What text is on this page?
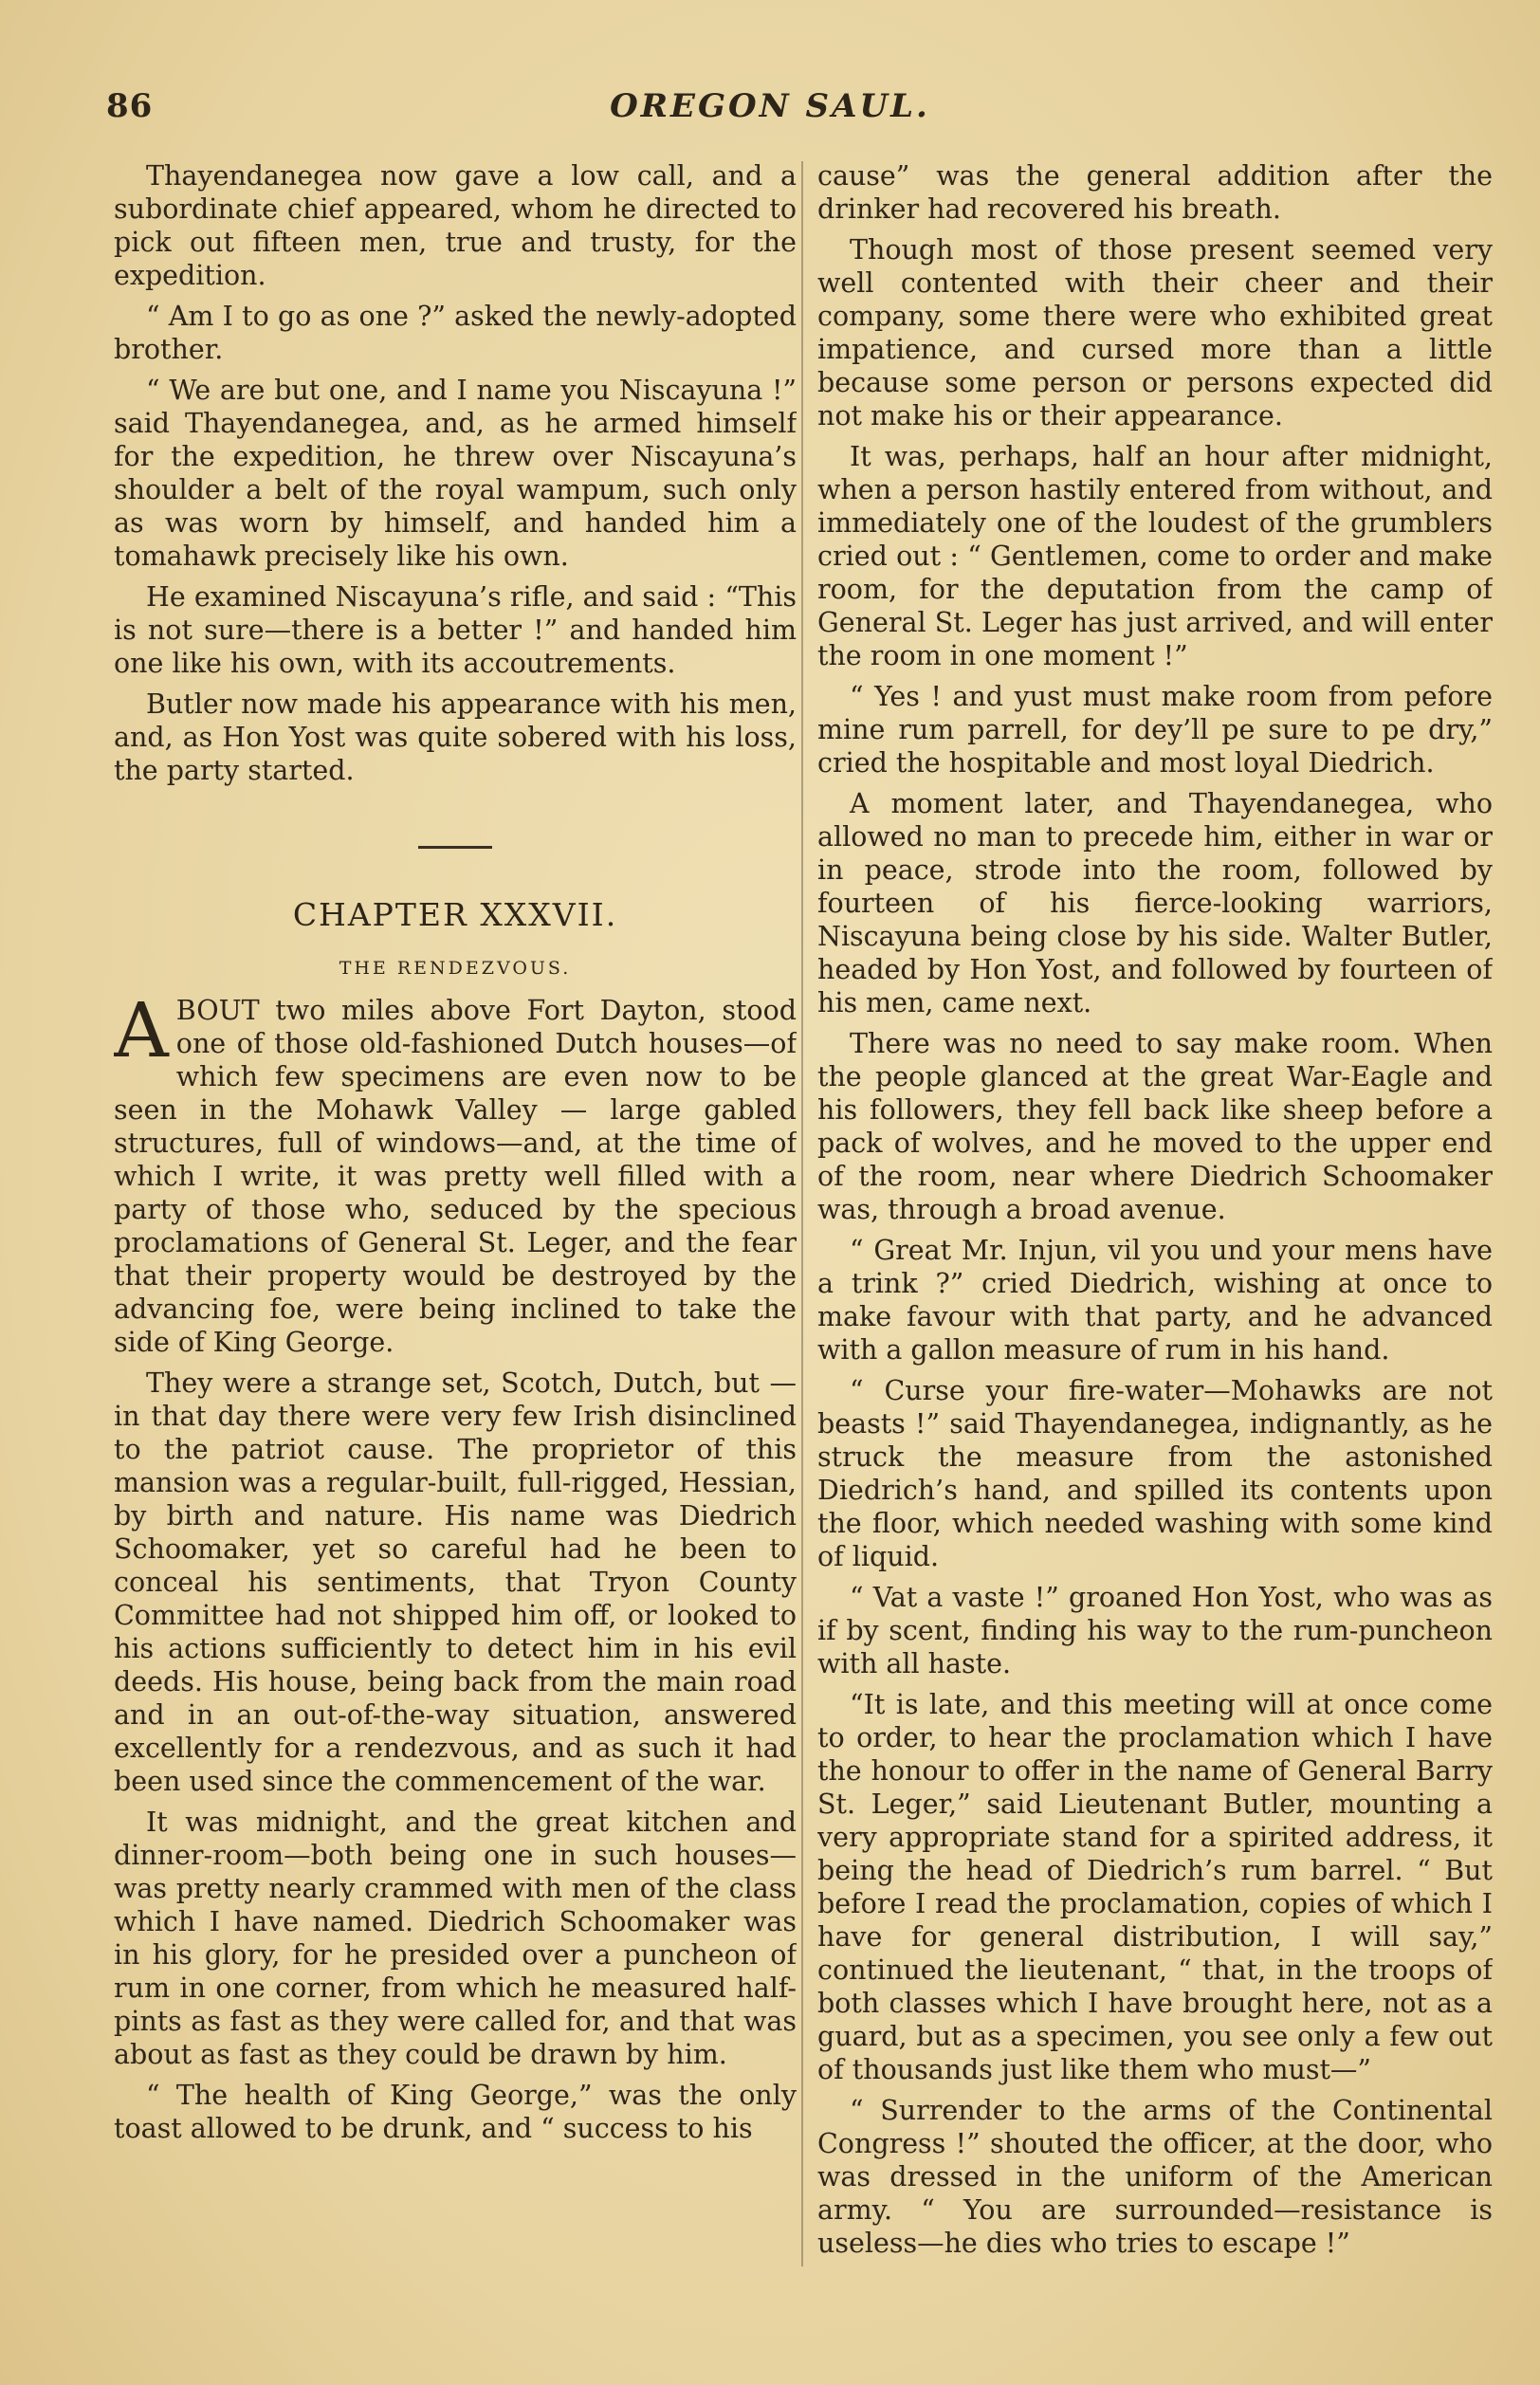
86	OREGON SAUL.

Thayendanegea now gave a low call, and a subordinate chief appeared, whom he directed to pick out fifteen men, true and trusty, for the expedition.

“ Am I to go as one ?” asked the newly-adopted brother.

“ We are but one, and I name you Niscayuna !” said Thayendanegea, and, as he armed himself for the expedition, he threw over Niscayuna’s shoulder a belt of the royal wampum, such only as was worn by himself, and handed him a tomahawk precisely like his own.

He examined Niscayuna’s rifle, and said : “This is not sure—there is a better !” and handed him one like his own, with its accoutrements.

Butler now made his appearance with his men, and, as Hon Yost was quite sobered with his loss, the party started.

CHAPTER XXXVII.
THE RENDEZVOUS.

A BOUT two miles above Fort Dayton, stood one of those old-fashioned Dutch houses—of which few specimens are even now to be seen in the Mohawk Valley — large gabled structures, full of windows—and, at the time of which I write, it was pretty well filled with a party of those who, seduced by the specious proclamations of General St. Leger, and the fear that their property would be destroyed by the advancing foe, were being inclined to take the side of King George.

They were a strange set, Scotch, Dutch, but —in that day there were very few Irish disinclined to the patriot cause. The proprietor of this mansion was a regular-built, full-rigged, Hessian, by birth and nature. His name was Diedrich Schoomaker, yet so careful had he been to conceal his sentiments, that Tryon County Committee had not shipped him off, or looked to his actions sufficiently to detect him in his evil deeds. His house, being back from the main road and in an out-of-the-way situation, answered excellently for a rendezvous, and as such it had been used since the commencement of the war.

It was midnight, and the great kitchen and dinner-room—both being one in such houses—was pretty nearly crammed with men of the class which I have named. Diedrich Schoomaker was in his glory, for he presided over a puncheon of rum in one corner, from which he measured half-pints as fast as they were called for, and that was about as fast as they could be drawn by him.

“ The health of King George,” was the only toast allowed to be drunk, and “ success to his

cause” was the general addition after the drinker had recovered his breath.

Though most of those present seemed very well contented with their cheer and their company, some there were who exhibited great impatience, and cursed more than a little because some person or persons expected did not make his or their appearance.

It was, perhaps, half an hour after midnight, when a person hastily entered from without, and immediately one of the loudest of the grumblers cried out : “ Gentlemen, come to order and make room, for the deputation from the camp of General St. Leger has just arrived, and will enter the room in one moment !”

“ Yes ! and yust must make room from pefore mine rum parrell, for dey’ll pe sure to pe dry,” cried the hospitable and most loyal Diedrich.

A moment later, and Thayendanegea, who allowed no man to precede him, either in war or in peace, strode into the room, followed by fourteen of his fierce-looking warriors, Niscayuna being close by his side. Walter Butler, headed by Hon Yost, and followed by fourteen of his men, came next.

There was no need to say make room. When the people glanced at the great War-Eagle and his followers, they fell back like sheep before a pack of wolves, and he moved to the upper end of the room, near where Diedrich Schoomaker was, through a broad avenue.

“ Great Mr. Injun, vil you und your mens have a trink ?” cried Diedrich, wishing at once to make favour with that party, and he advanced with a gallon measure of rum in his hand.

“ Curse your fire-water—Mohawks are not beasts !” said Thayendanegea, indignantly, as he struck the measure from the astonished Diedrich’s hand, and spilled its contents upon the floor, which needed washing with some kind of liquid.

“ Vat a vaste !” groaned Hon Yost, who was as if by scent, finding his way to the rum-puncheon with all haste.

“It is late, and this meeting will at once come to order, to hear the proclamation which I have the honour to offer in the name of General Barry St. Leger,” said Lieutenant Butler, mounting a very appropriate stand for a spirited address, it being the head of Diedrich’s rum barrel. “ But before I read the proclamation, copies of which I have for general distribution, I will say,” continued the lieutenant, “ that, in the troops of both classes which I have brought here, not as a guard, but as a specimen, you see only a few out of thousands just like them who must—”

“ Surrender to the arms of the Continental Congress !” shouted the officer, at the door, who was dressed in the uniform of the American army. “ You are surrounded—resistance is useless—he dies who tries to escape !”
